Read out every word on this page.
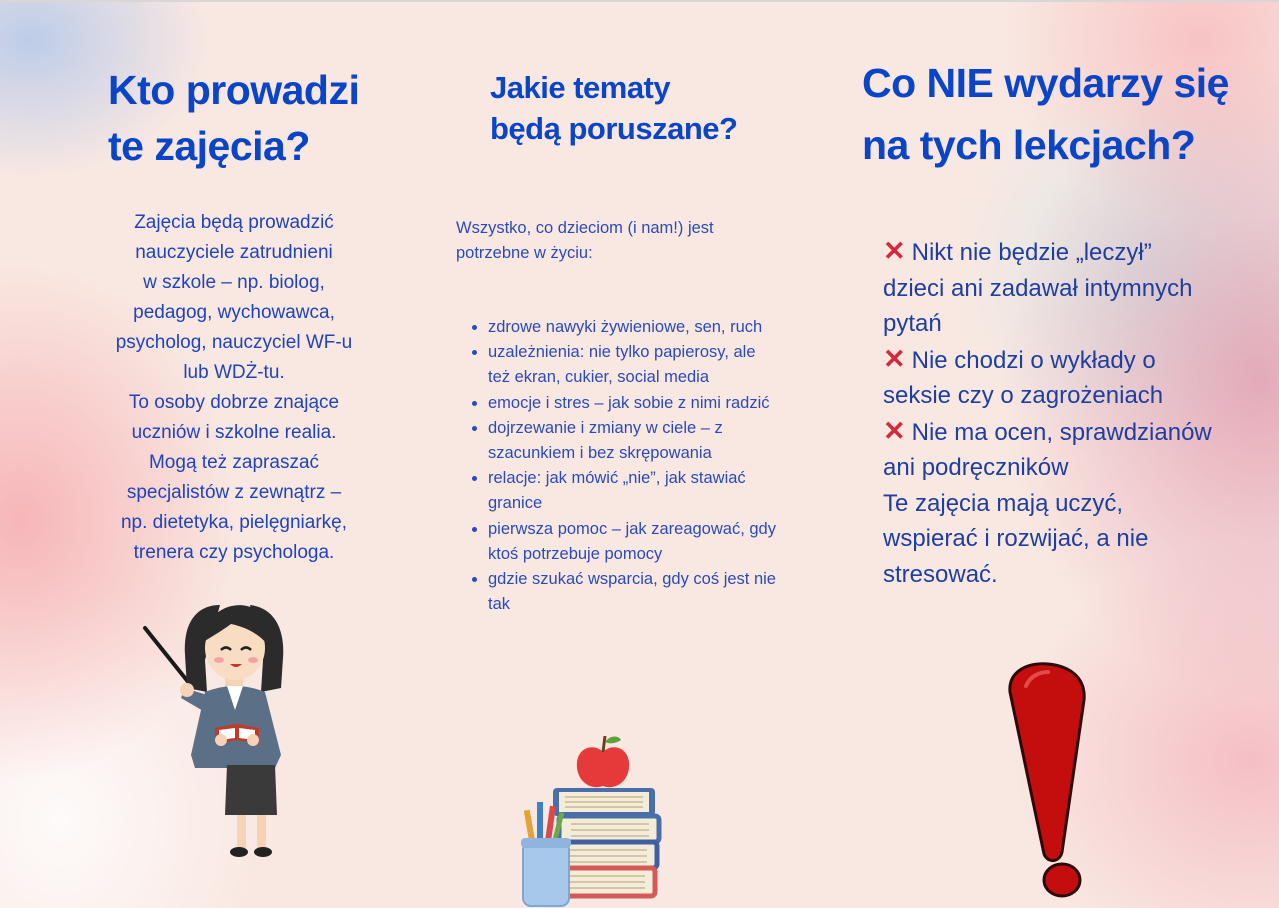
Kto prowadzi
te zajęcia?

Zajęcia będą prowadzić
nauczyciele zatrudnieni
w szkole – np. biolog,
pedagog, wychowawca,
psycholog, nauczyciel WF-u
lub WDŻ-tu.
To osoby dobrze znające
uczniów i szkolne realia.
Mogą też zapraszać
specjalistów z zewnątrz –
np. dietetyka, pielęgniarkę,
trenera czy psychologa.

Jakie tematy
będą poruszane?

Wszystko, co dzieciom (i nam!) jest potrzebne w życiu:

• zdrowe nawyki żywieniowe, sen, ruch
• uzależnienia: nie tylko papierosy, ale też ekran, cukier, social media
• emocje i stres – jak sobie z nimi radzić
• dojrzewanie i zmiany w ciele – z szacunkiem i bez skrępowania
• relacje: jak mówić „nie”, jak stawiać granice
• pierwsza pomoc – jak zareagować, gdy ktoś potrzebuje pomocy
• gdzie szukać wsparcia, gdy coś jest nie tak
Co NIE wydarzy się
na tych lekcjach?

✕ Nikt nie będzie „leczył” dzieci ani zadawał intymnych pytań

✕ Nie chodzi o wykłady o seksie czy o zagrożeniach

✕ Nie ma ocen, sprawdzianów ani podręczników

Te zajęcia mają uczyć, wspierać i rozwijać, a nie stresować.
